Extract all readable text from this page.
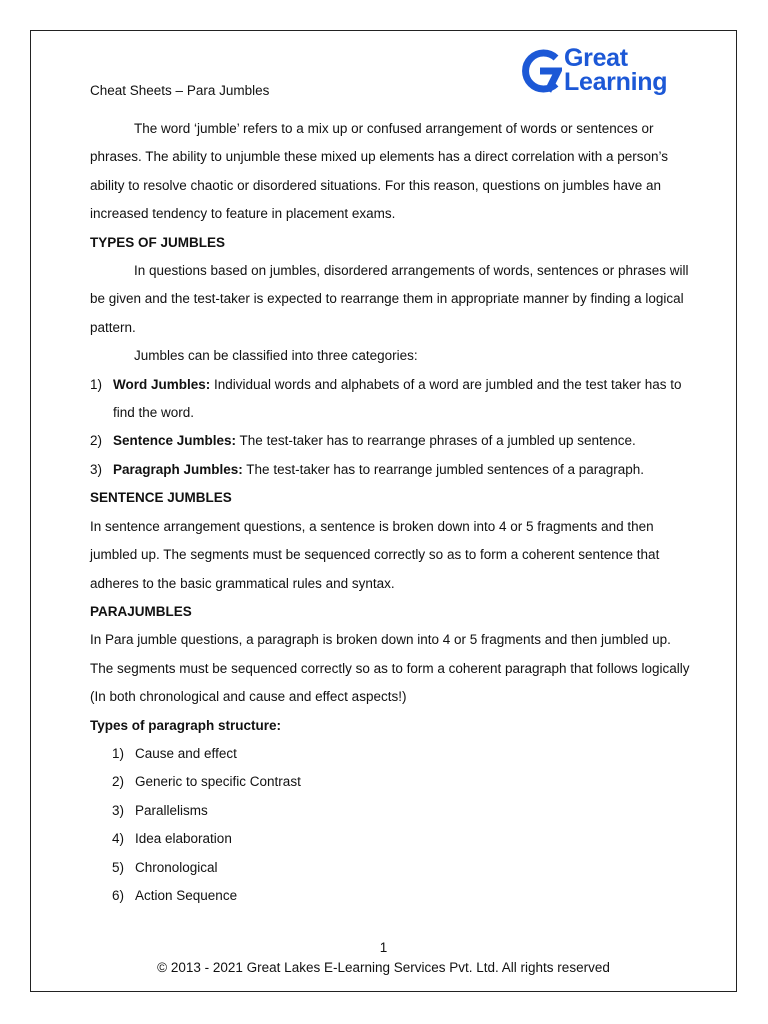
Great
Learning
Cheat Sheets – Para Jumbles

The word ‘jumble’ refers to a mix up or confused arrangement of words or sentences or phrases. The ability to unjumble these mixed up elements has a direct correlation with a person’s ability to resolve chaotic or disordered situations. For this reason, questions on jumbles have an increased tendency to feature in placement exams.

TYPES OF JUMBLES

In questions based on jumbles, disordered arrangements of words, sentences or phrases will be given and the test-taker is expected to rearrange them in appropriate manner by finding a logical pattern.

Jumbles can be classified into three categories:

1) Word Jumbles: Individual words and alphabets of a word are jumbled and the test taker has to find the word.
2) Sentence Jumbles: The test-taker has to rearrange phrases of a jumbled up sentence.
3) Paragraph Jumbles: The test-taker has to rearrange jumbled sentences of a paragraph.

SENTENCE JUMBLES

In sentence arrangement questions, a sentence is broken down into 4 or 5 fragments and then jumbled up. The segments must be sequenced correctly so as to form a coherent sentence that adheres to the basic grammatical rules and syntax.

PARAJUMBLES

In Para jumble questions, a paragraph is broken down into 4 or 5 fragments and then jumbled up. The segments must be sequenced correctly so as to form a coherent paragraph that follows logically (In both chronological and cause and effect aspects!)

Types of paragraph structure:

1) Cause and effect
2) Generic to specific Contrast
3) Parallelisms
4) Idea elaboration
5) Chronological
6) Action Sequence
1
© 2013 - 2021 Great Lakes E-Learning Services Pvt. Ltd. All rights reserved
